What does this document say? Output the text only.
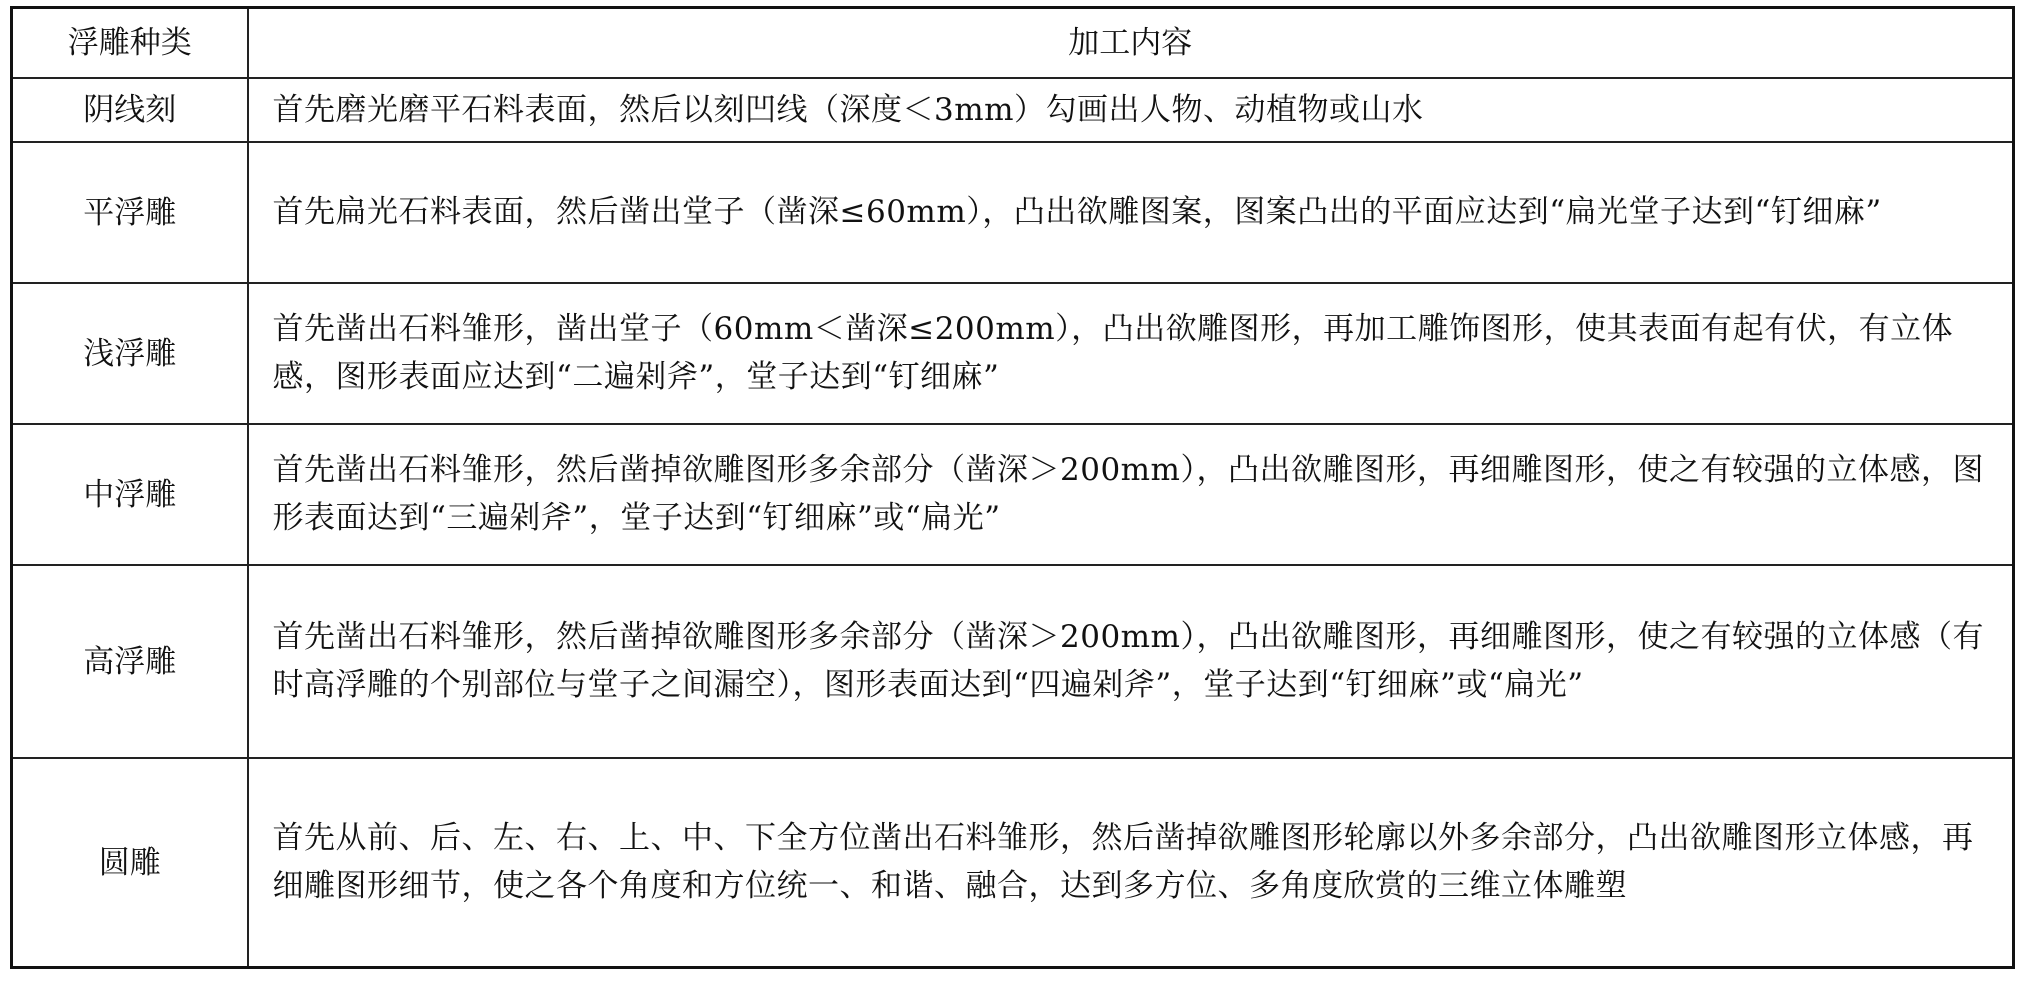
浮雕种类	加工内容
阴线刻	首先磨光磨平石料表面，然后以刻凹线（深度＜3mm）勾画出人物、动植物或山水
平浮雕	首先扁光石料表面，然后凿出堂子（凿深≤60mm），凸出欲雕图案，图案凸出的平面应达到“扁光堂子达到“钉细麻”
浅浮雕	首先凿出石料雏形，凿出堂子（60mm＜凿深≤200mm），凸出欲雕图形，再加工雕饰图形，使其表面有起有伏，有立体感，图形表面应达到“二遍剁斧”，堂子达到“钉细麻”
中浮雕	首先凿出石料雏形，然后凿掉欲雕图形多余部分（凿深＞200mm），凸出欲雕图形，再细雕图形，使之有较强的立体感，图形表面达到“三遍剁斧”，堂子达到“钉细麻”或“扁光”
高浮雕	首先凿出石料雏形，然后凿掉欲雕图形多余部分（凿深＞200mm），凸出欲雕图形，再细雕图形，使之有较强的立体感（有时高浮雕的个别部位与堂子之间漏空），图形表面达到“四遍剁斧”，堂子达到“钉细麻”或“扁光”
圆雕	首先从前、后、左、右、上、中、下全方位凿出石料雏形，然后凿掉欲雕图形轮廓以外多余部分，凸出欲雕图形立体感，再细雕图形细节，使之各个角度和方位统一、和谐、融合，达到多方位、多角度欣赏的三维立体雕塑
